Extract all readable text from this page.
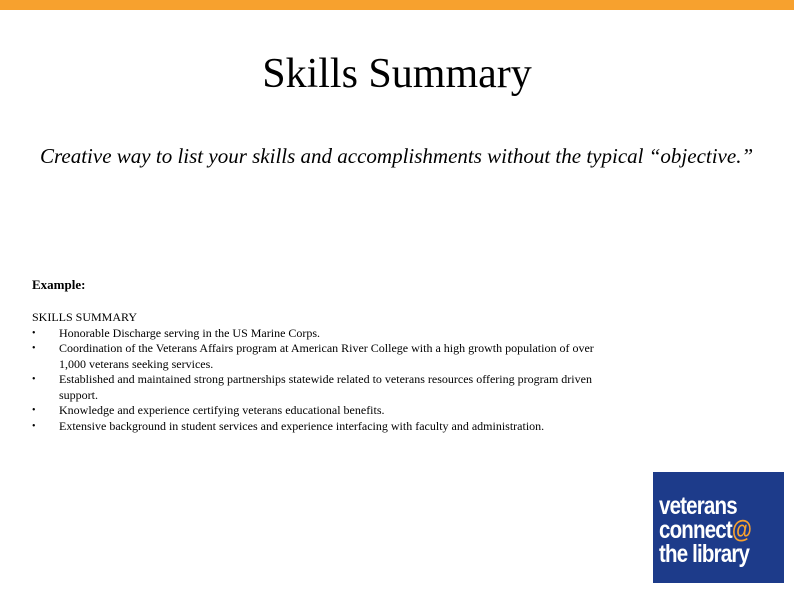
Skills Summary
Creative way to list your skills and accomplishments without the typical “objective.”
Example:

SKILLS SUMMARY

• Honorable Discharge serving in the US Marine Corps.
• Coordination of the Veterans Affairs program at American River College with a high growth population of over 1,000 veterans seeking services.
• Established and maintained strong partnerships statewide related to veterans resources offering program driven support.
• Knowledge and experience certifying veterans educational benefits.
• Extensive background in student services and experience interfacing with faculty and administration.
veterans
connect@
the library
